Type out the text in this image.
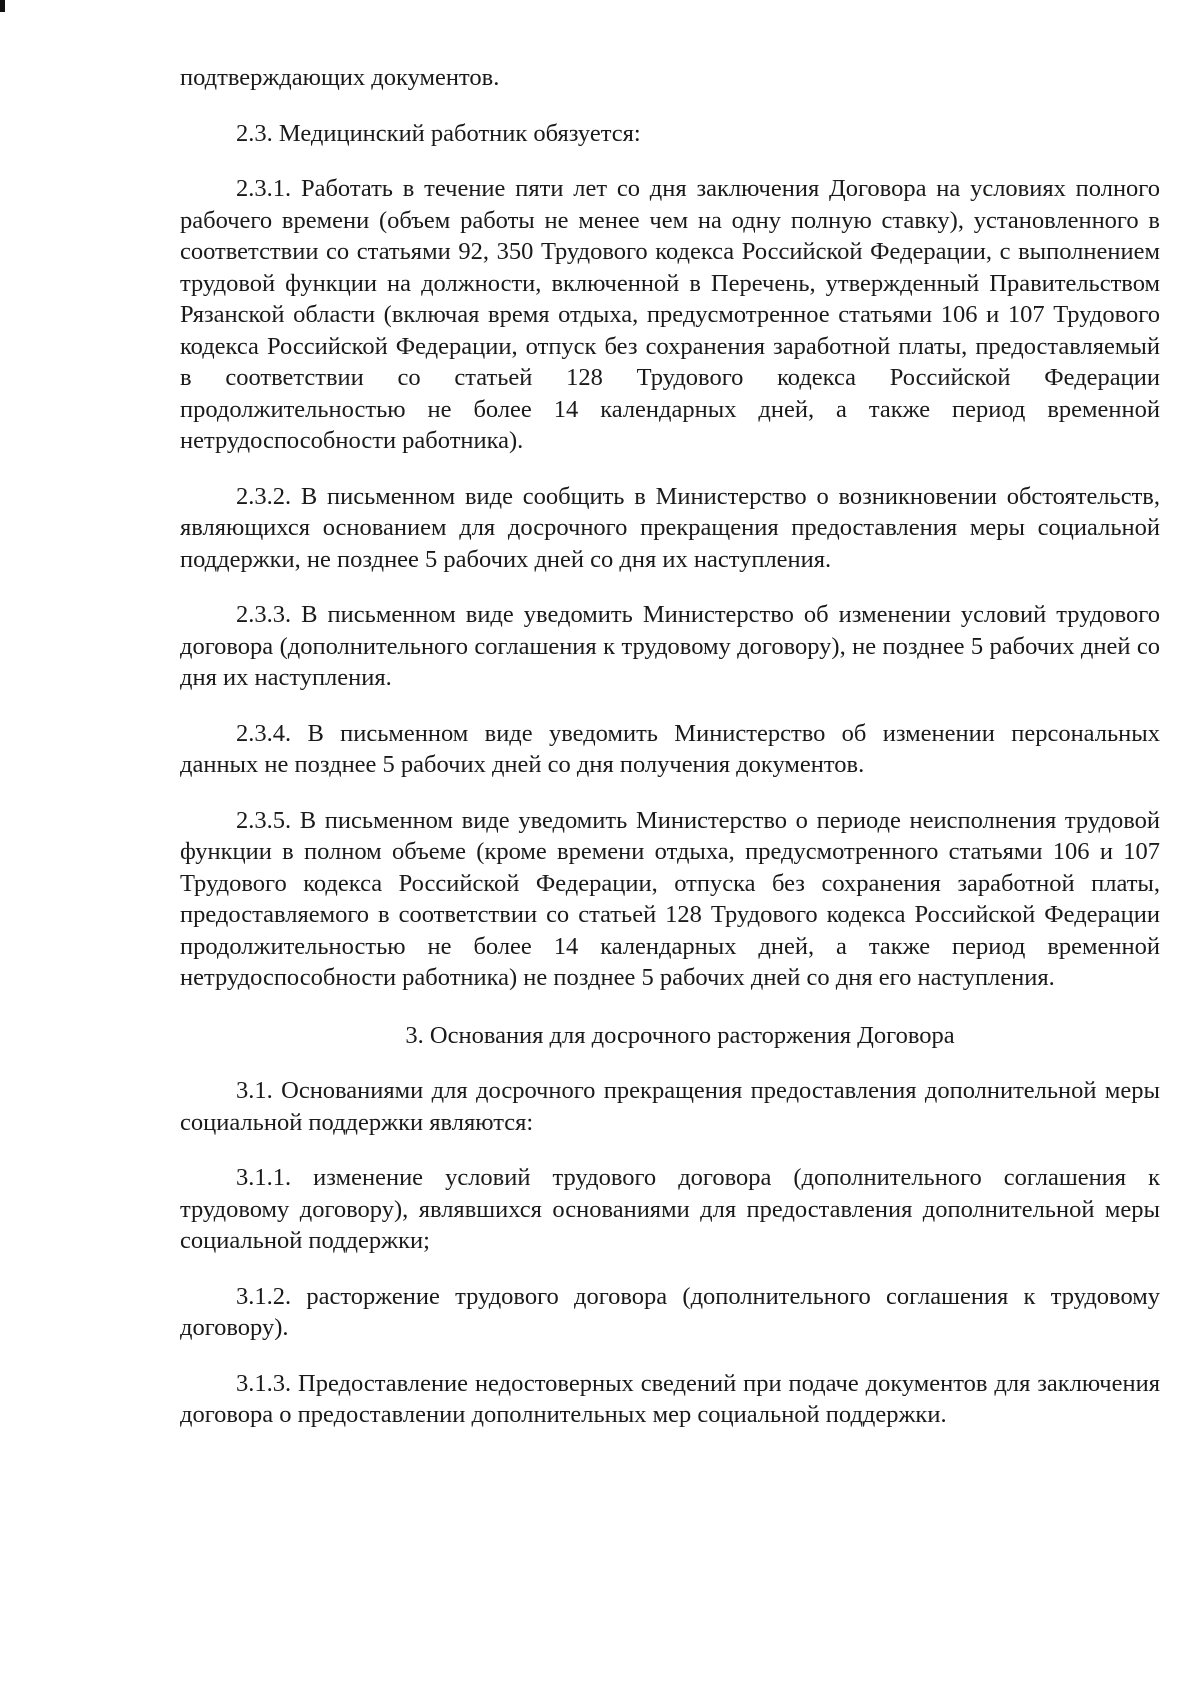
подтверждающих документов.

2.3. Медицинский работник обязуется:

2.3.1. Работать в течение пяти лет со дня заключения Договора на условиях полного рабочего времени (объем работы не менее чем на одну полную ставку), установленного в соответствии со статьями 92, 350 Трудового кодекса Российской Федерации, с выполнением трудовой функции на должности, включенной в Перечень, утвержденный Правительством Рязанской области (включая время отдыха, предусмотренное статьями 106 и 107 Трудового кодекса Российской Федерации, отпуск без сохранения заработной платы, предоставляемый в соответствии со статьей 128 Трудового кодекса Российской Федерации продолжительностью не более 14 календарных дней, а также период временной нетрудоспособности работника).

2.3.2. В письменном виде сообщить в Министерство о возникновении обстоятельств, являющихся основанием для досрочного прекращения предоставления меры социальной поддержки, не позднее 5 рабочих дней со дня их наступления.

2.3.3. В письменном виде уведомить Министерство об изменении условий трудового договора (дополнительного соглашения к трудовому договору), не позднее 5 рабочих дней со дня их наступления.

2.3.4. В письменном виде уведомить Министерство об изменении персональных данных не позднее 5 рабочих дней со дня получения документов.

2.3.5. В письменном виде уведомить Министерство о периоде неисполнения трудовой функции в полном объеме (кроме времени отдыха, предусмотренного статьями 106 и 107 Трудового кодекса Российской Федерации, отпуска без сохранения заработной платы, предоставляемого в соответствии со статьей 128 Трудового кодекса Российской Федерации продолжительностью не более 14 календарных дней, а также период временной нетрудоспособности работника) не позднее 5 рабочих дней со дня его наступления.

3. Основания для досрочного расторжения Договора

3.1. Основаниями для досрочного прекращения предоставления дополнительной меры социальной поддержки являются:

3.1.1. изменение условий трудового договора (дополнительного соглашения к трудовому договору), являвшихся основаниями для предоставления дополнительной меры социальной поддержки;

3.1.2. расторжение трудового договора (дополнительного соглашения к трудовому договору).

3.1.3. Предоставление недостоверных сведений при подаче документов для заключения договора о предоставлении дополнительных мер социальной поддержки.
